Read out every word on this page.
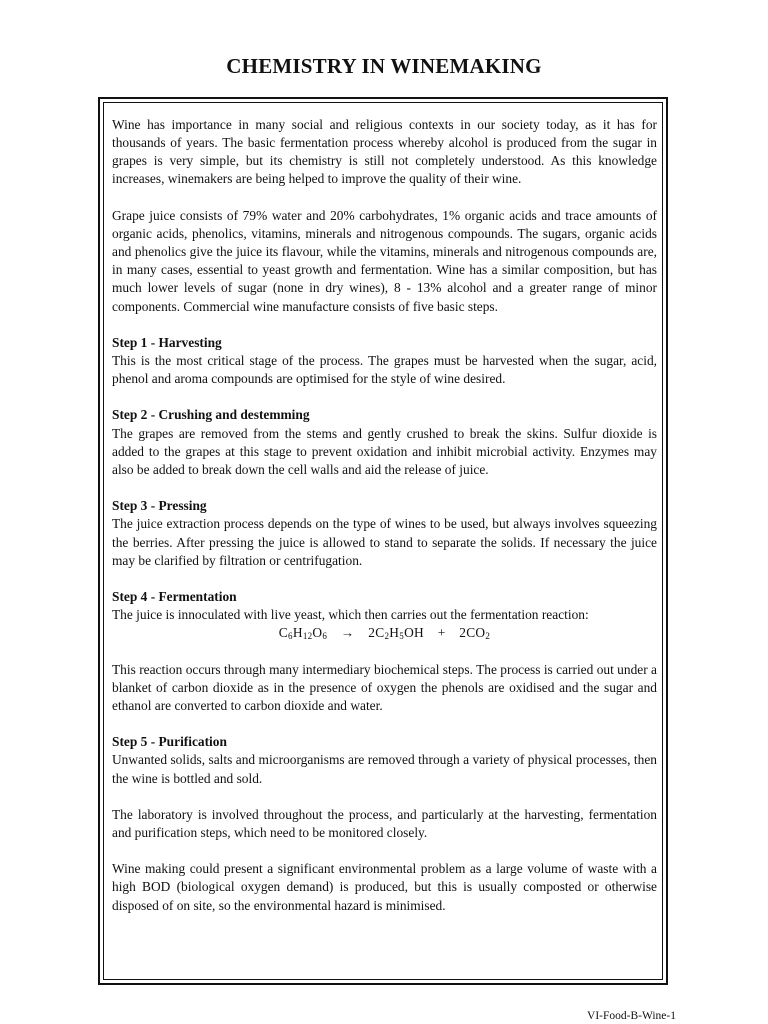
CHEMISTRY IN WINEMAKING

Wine has importance in many social and religious contexts in our society today, as it has for thousands of years. The basic fermentation process whereby alcohol is produced from the sugar in grapes is very simple, but its chemistry is still not completely understood. As this knowledge increases, winemakers are being helped to improve the quality of their wine.

Grape juice consists of 79% water and 20% carbohydrates, 1% organic acids and trace amounts of organic acids, phenolics, vitamins, minerals and nitrogenous compounds. The sugars, organic acids and phenolics give the juice its flavour, while the vitamins, minerals and nitrogenous compounds are, in many cases, essential to yeast growth and fermentation. Wine has a similar composition, but has much lower levels of sugar (none in dry wines), 8 - 13% alcohol and a greater range of minor components. Commercial wine manufacture consists of five basic steps.

Step 1 - Harvesting

This is the most critical stage of the process. The grapes must be harvested when the sugar, acid, phenol and aroma compounds are optimised for the style of wine desired.

Step 2 - Crushing and destemming

The grapes are removed from the stems and gently crushed to break the skins. Sulfur dioxide is added to the grapes at this stage to prevent oxidation and inhibit microbial activity. Enzymes may also be added to break down the cell walls and aid the release of juice.

Step 3 - Pressing

The juice extraction process depends on the type of wines to be used, but always involves squeezing the berries. After pressing the juice is allowed to stand to separate the solids. If necessary the juice may be clarified by filtration or centrifugation.

Step 4 - Fermentation

The juice is innoculated with live yeast, which then carries out the fermentation reaction:

$C_6H_{12}O_6 \to 2C_2H_5OH + 2CO_2$

This reaction occurs through many intermediary biochemical steps. The process is carried out under a blanket of carbon dioxide as in the presence of oxygen the phenols are oxidised and the sugar and ethanol are converted to carbon dioxide and water.

Step 5 - Purification

Unwanted solids, salts and microorganisms are removed through a variety of physical processes, then the wine is bottled and sold.

The laboratory is involved throughout the process, and particularly at the harvesting, fermentation and purification steps, which need to be monitored closely.

Wine making could present a significant environmental problem as a large volume of waste with a high BOD (biological oxygen demand) is produced, but this is usually composted or otherwise disposed of on site, so the environmental hazard is minimised.

VI-Food-B-Wine-1
